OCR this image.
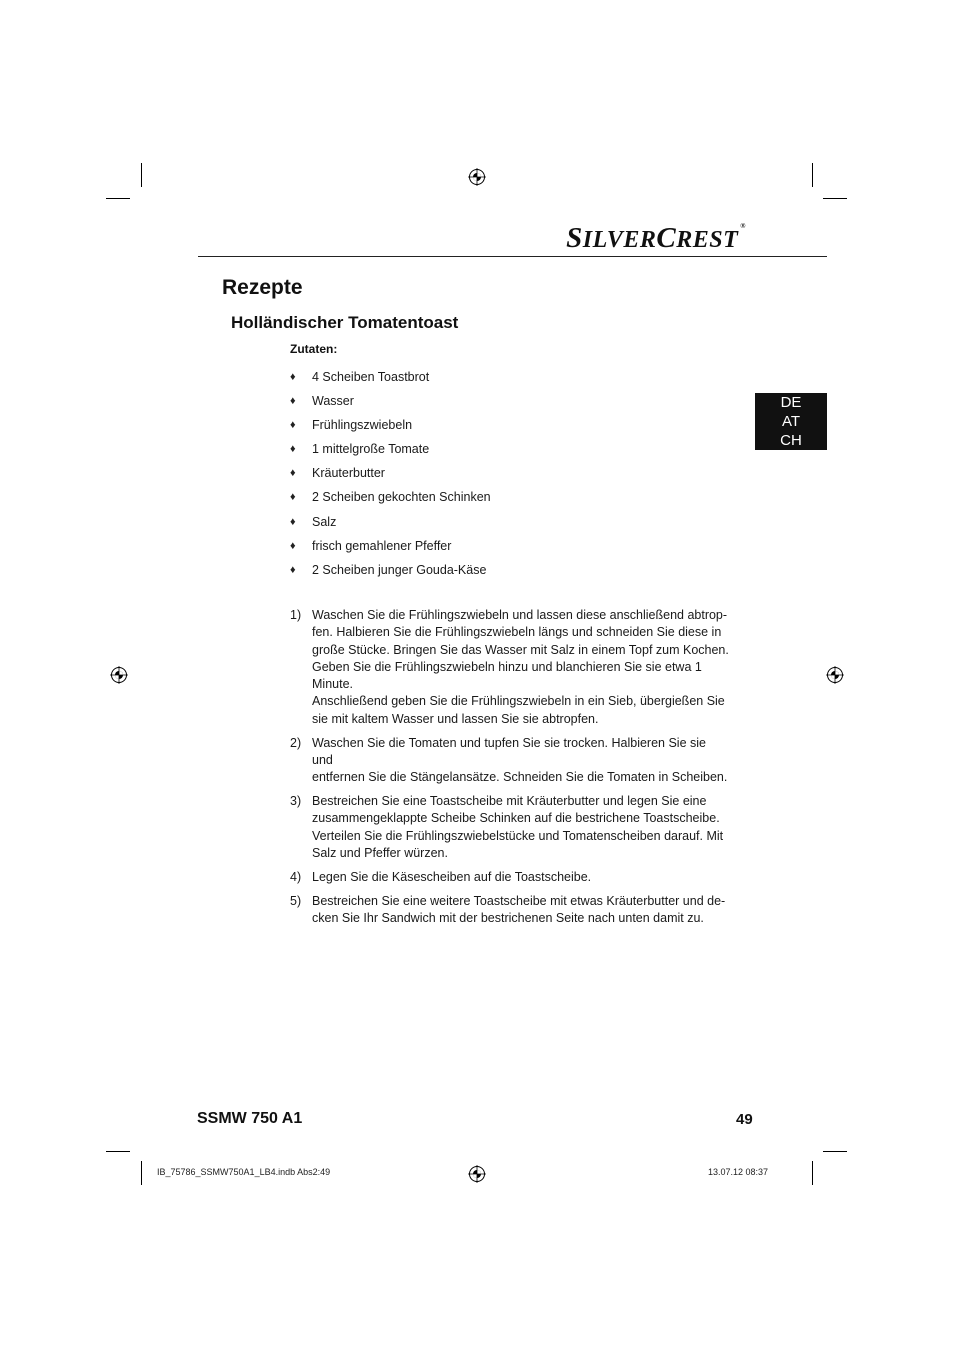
SILVERCREST®
Rezepte
Holländischer Tomatentoast
Zutaten:
♦	4 Scheiben Toastbrot
♦	Wasser
♦	Frühlingszwiebeln
♦	1 mittelgroße Tomate
♦	Kräuterbutter
♦	2 Scheiben gekochten Schinken
♦	Salz
♦	frisch gemahlener Pfeffer
♦	2 Scheiben junger Gouda-Käse
1) Waschen Sie die Frühlingszwiebeln und lassen diese anschließend abtrop-

fen. Halbieren Sie die Frühlingszwiebeln längs und schneiden Sie diese in

große Stücke. Bringen Sie das Wasser mit Salz in einem Topf zum Kochen.

Geben Sie die Frühlingszwiebeln hinzu und blanchieren Sie sie etwa 1

Minute.

Anschließend geben Sie die Frühlingszwiebeln in ein Sieb, übergießen Sie

sie mit kaltem Wasser und lassen Sie sie abtropfen.

2) Waschen Sie die Tomaten und tupfen Sie sie trocken. Halbieren Sie sie und

entfernen Sie die Stängelansätze. Schneiden Sie die Tomaten in Scheiben.

3) Bestreichen Sie eine Toastscheibe mit Kräuterbutter und legen Sie eine

zusammengeklappte Scheibe Schinken auf die bestrichene Toastscheibe.

Verteilen Sie die Frühlingszwiebelstücke und Tomatenscheiben darauf. Mit

Salz und Pfeffer würzen.

4) Legen Sie die Käsescheiben auf die Toastscheibe.

5) Bestreichen Sie eine weitere Toastscheibe mit etwas Kräuterbutter und de-

cken Sie Ihr Sandwich mit der bestrichenen Seite nach unten damit zu.

DE
AT
CH
SSMW 750 A1	49
IB_75786_SSMW750A1_LB4.indb Abs2:49	13.07.12 08:37
